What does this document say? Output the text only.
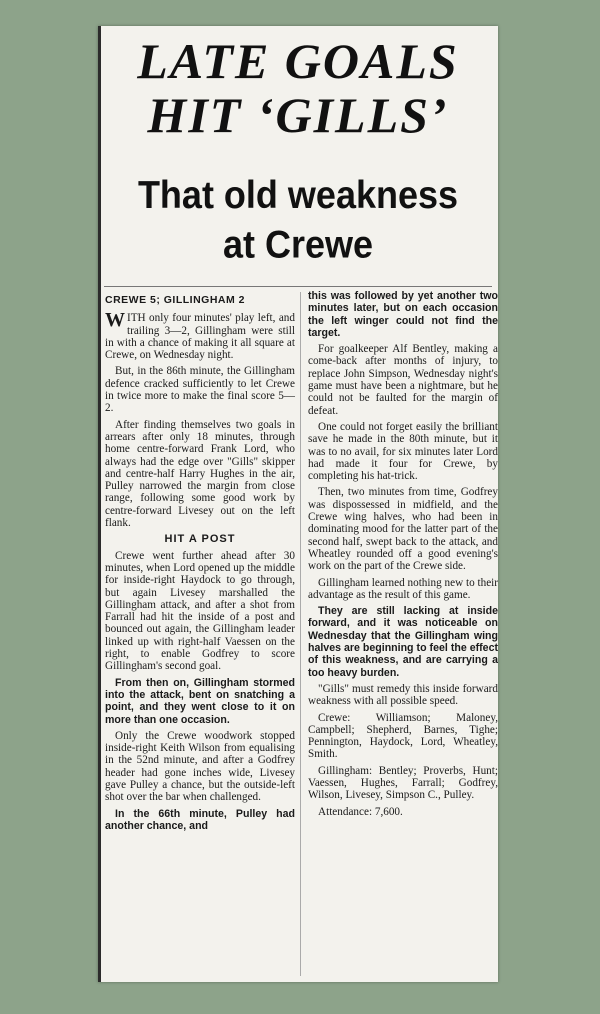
LATE GOALS
HIT ‘GILLS’
That old weakness
at Crewe
CREWE 5; GILLINGHAM 2

WITH only four minutes' play left, and trailing 3—2, Gillingham were still in with a chance of making it all square at Crewe, on Wednesday night.

But, in the 86th minute, the Gillingham defence cracked sufficiently to let Crewe in twice more to make the final score 5—2.

After finding themselves two goals in arrears after only 18 minutes, through home centre-forward Frank Lord, who always had the edge over "Gills" skipper and centre-half Harry Hughes in the air, Pulley narrowed the margin from close range, following some good work by centre-forward Livesey out on the left flank.

HIT A POST

Crewe went further ahead after 30 minutes, when Lord opened up the middle for inside-right Haydock to go through, but again Livesey marshalled the Gillingham attack, and after a shot from Farrall had hit the inside of a post and bounced out again, the Gillingham leader linked up with right-half Vaessen on the right, to enable Godfrey to score Gillingham's second goal.

From then on, Gillingham stormed into the attack, bent on snatching a point, and they went close to it on more than one occasion.

Only the Crewe woodwork stopped inside-right Keith Wilson from equalising in the 52nd minute, and after a Godfrey header had gone inches wide, Livesey gave Pulley a chance, but the outside-left shot over the bar when challenged.

In the 66th minute, Pulley had another chance, and

this was followed by yet another two minutes later, but on each occasion the left winger could not find the target.

For goalkeeper Alf Bentley, making a come-back after months of injury, to replace John Simpson, Wednesday night's game must have been a nightmare, but he could not be faulted for the margin of defeat.

One could not forget easily the brilliant save he made in the 80th minute, but it was to no avail, for six minutes later Lord had made it four for Crewe, by completing his hat-trick.

Then, two minutes from time, Godfrey was dispossessed in midfield, and the Crewe wing halves, who had been in dominating mood for the latter part of the second half, swept back to the attack, and Wheatley rounded off a good evening's work on the part of the Crewe side.

Gillingham learned nothing new to their advantage as the result of this game.

They are still lacking at inside forward, and it was noticeable on Wednesday that the Gillingham wing halves are beginning to feel the effect of this weakness, and are carrying a too heavy burden.

"Gills" must remedy this inside forward weakness with all possible speed.

Crewe: Williamson; Maloney, Campbell; Shepherd, Barnes, Tighe; Pennington, Haydock, Lord, Wheatley, Smith.

Gillingham: Bentley; Proverbs, Hunt; Vaessen, Hughes, Farrall; Godfrey, Wilson, Livesey, Simpson C., Pulley.

Attendance: 7,600.
